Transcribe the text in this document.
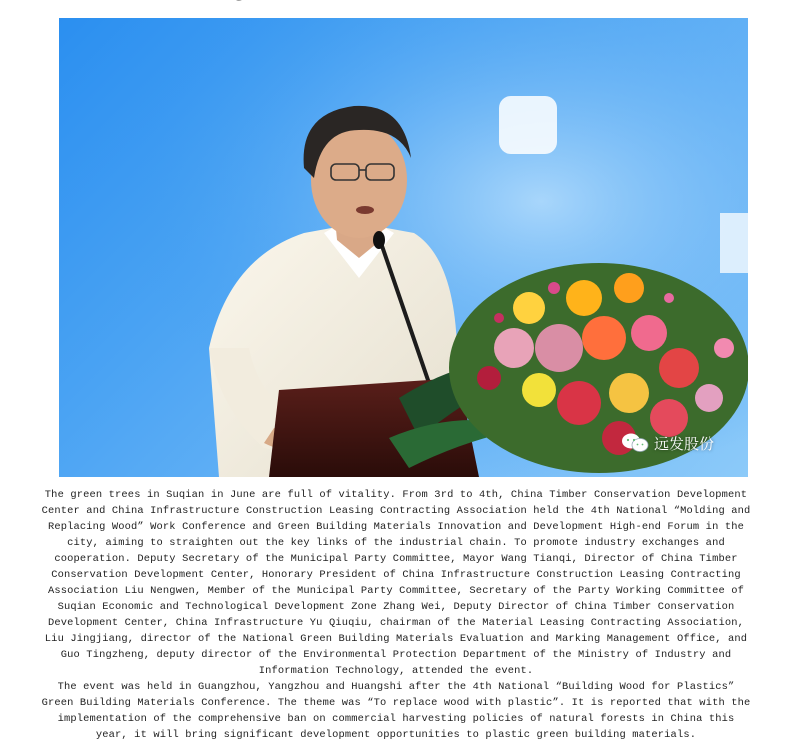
远发股份

The green trees in Suqian in June are full of vitality. From 3rd to 4th, China Timber Conservation Development Center and China Infrastructure Construction Leasing Contracting Association held the 4th National “Molding and Replacing Wood” Work Conference and Green Building Materials Innovation and Development High-end Forum in the city, aiming to straighten out the key links of the industrial chain. To promote industry exchanges and cooperation. Deputy Secretary of the Municipal Party Committee, Mayor Wang Tianqi, Director of China Timber Conservation Development Center, Honorary President of China Infrastructure Construction Leasing Contracting Association Liu Nengwen, Member of the Municipal Party Committee, Secretary of the Party Working Committee of Suqian Economic and Technological Development Zone Zhang Wei, Deputy Director of China Timber Conservation Development Center, China Infrastructure Yu Qiuqiu, chairman of the Material Leasing Contracting Association, Liu Jingjiang, director of the National Green Building Materials Evaluation and Marking Management Office, and Guo Tingzheng, deputy director of the Environmental Protection Department of the Ministry of Industry and Information Technology, attended the event.

The event was held in Guangzhou, Yangzhou and Huangshi after the 4th National “Building Wood for Plastics” Green Building Materials Conference. The theme was “To replace wood with plastic”. It is reported that with the implementation of the comprehensive ban on commercial harvesting policies of natural forests in China this year, it will bring significant development opportunities to plastic green building materials.
